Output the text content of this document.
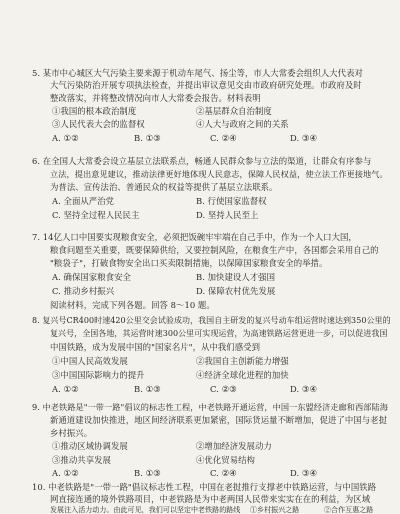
5. 某市中心城区大气污染主要来源于机动车尾气、扬尘等，市人大常委会组织人大代表对
大气污染防治开展专项执法检查，并提出审议意见交由市政府研究处理。市政府及时
整改落实，并将整改情况向市人大常委会报告。材料表明
①我国的根本政治制度	②基层群众自治制度
③人民代表大会的监督权	④人大与政府之间的关系
A. ①②	B. ①③	C. ②④	D. ③④
6. 在全国人大常委会设立基层立法联系点，畅通人民群众参与立法的渠道，让群众有序参与
立法，提出意见建议，推动法律更好地体现人民意志，保障人民权益，使立法工作更接地气。
为普法、宣传法治、普通民众的权益等提供了基层立法联系。
A. 全面从严治党	B. 行使国家监督权
C. 坚持全过程人民民主	D. 坚持人民至上
7. 14亿人口中国要实现粮食安全，必须把饭碗牢牢端在自己手中，作为一个人口大国，
粮食问题至关重要，既要保障供给，又要控制风险，在粮食生产中，各国都会采用自己的
"粮袋子"，打破食物安全出口买卖限制措施，以保障国家粮食安全的举措。
A. 确保国家粮食安全	B. 加快建设人才强国
C. 推动乡村振兴	D. 保障农村优先发展
阅读材料，完成下列各题。回答 8～10 题。
8. 复兴号CR400时速420公里交会试验成功，我国自主研发的复兴号动车组运营时速达到350公里的
复兴号，全国各地，其运营时速300公里可实现运营，为高速铁路运营更进一步，可以促进我国
中国铁路，成为发展中国的"国家名片"，从中我们感受到
①中国人民高效发展	②我国自主创新能力增强
③中国国际影响力的提升	④经济全球化进程的加快
A. ①②	B. ①③	C. ②③	D. ③④
9. 中老铁路是"一带一路"倡议的标志性工程，中老铁路开通运营，中国一东盟经济走廊和西部陆海
新通道建设加快推进，地区间经济联系更加紧密，国际货运量不断增加，促进了中国与老挝
乡村振兴。
①推动区域协调发展	②增加经济发展动力
③推动共享发展	④优化贸易结构
A. ①②	B. ①③	C. ②④	D. ③④
10. 中老铁路是"一带一路"倡议标志性工程，中国在老挝推行支撑老中铁路运营，与中国铁路
网直接连通的境外铁路项目，中老铁路是为中老两国人民带来实实在在的利益，为区域
发展注入活力动力。由此可见，我们可以坚定中老铁路的路线 ①乡村振兴之路	②合作互惠之路
